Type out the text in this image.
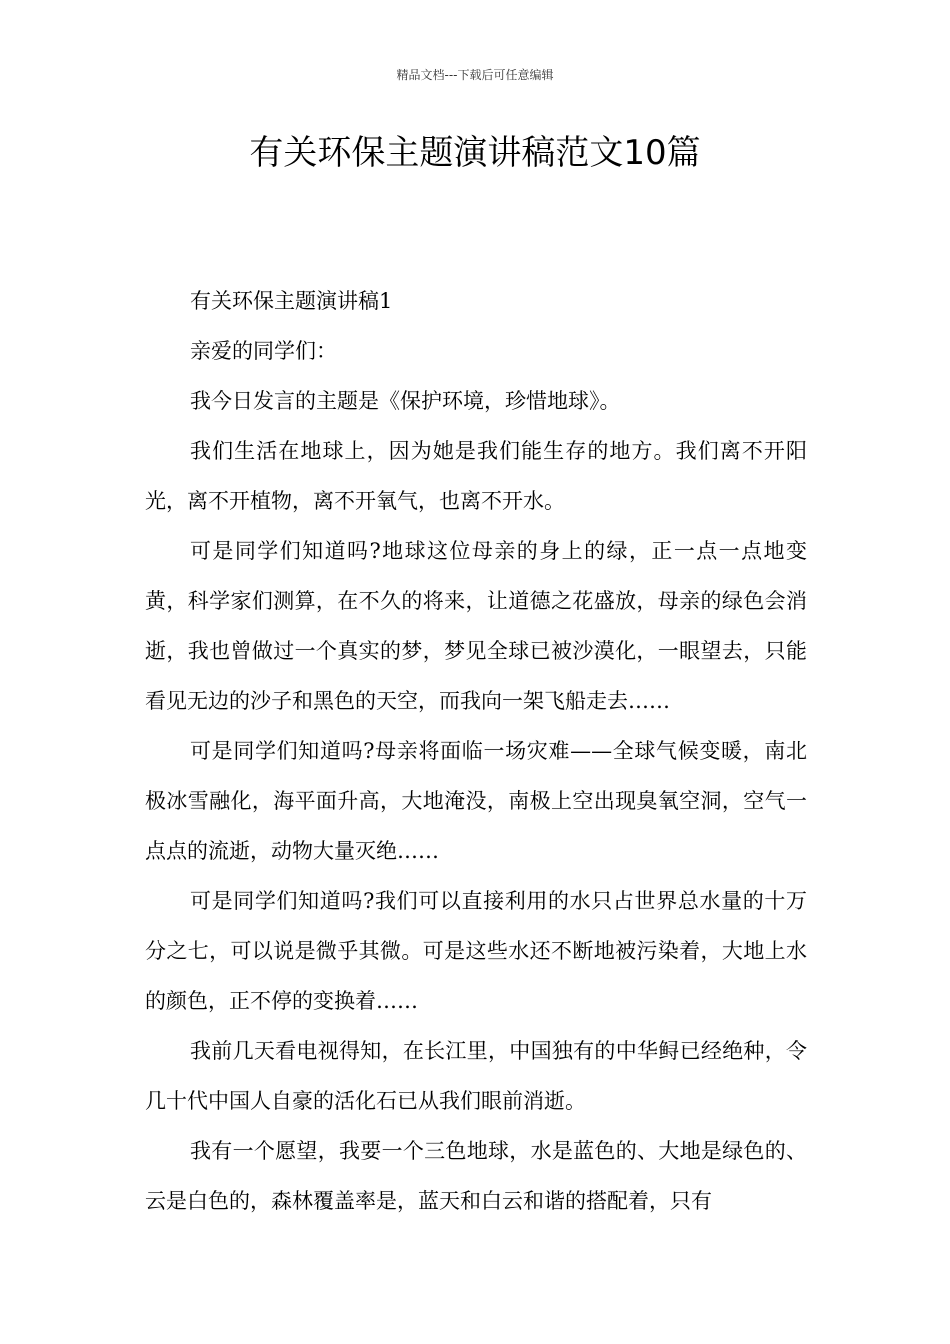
精品文档---下载后可任意编辑
有关环保主题演讲稿范文10篇

有关环保主题演讲稿1

亲爱的同学们：

我今日发言的主题是《保护环境，珍惜地球》。

我们生活在地球上，因为她是我们能生存的地方。我们离不开阳光，离不开植物，离不开氧气，也离不开水。

可是同学们知道吗?地球这位母亲的身上的绿，正一点一点地变黄，科学家们测算，在不久的将来，让道德之花盛放，母亲的绿色会消逝，我也曾做过一个真实的梦，梦见全球已被沙漠化，一眼望去，只能看见无边的沙子和黑色的天空，而我向一架飞船走去……

可是同学们知道吗?母亲将面临一场灾难——全球气候变暖，南北极冰雪融化，海平面升高，大地淹没，南极上空出现臭氧空洞，空气一点点的流逝，动物大量灭绝……

可是同学们知道吗?我们可以直接利用的水只占世界总水量的十万分之七，可以说是微乎其微。可是这些水还不断地被污染着，大地上水的颜色，正不停的变换着……

我前几天看电视得知，在长江里，中国独有的中华鲟已经绝种，令几十代中国人自豪的活化石已从我们眼前消逝。

我有一个愿望，我要一个三色地球，水是蓝色的、大地是绿色的、云是白色的，森林覆盖率是，蓝天和白云和谐的搭配着，只有
